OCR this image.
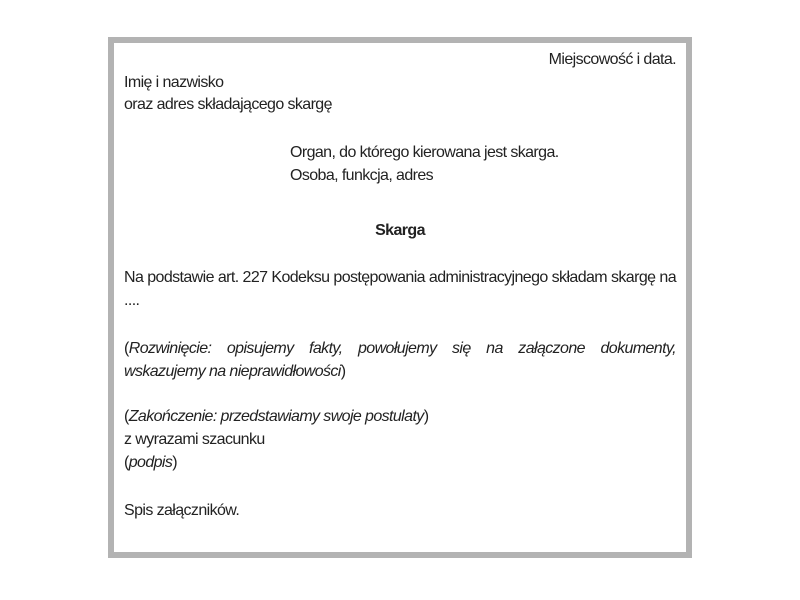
Miejscowość i data.
Imię i nazwisko
oraz adres składającego skargę
Organ, do którego kierowana jest skarga.
Osoba, funkcja, adres
Skarga
Na podstawie art. 227 Kodeksu postępowania administracyjnego składam skargę na ....
(Rozwinięcie: opisujemy fakty, powołujemy się na załączone dokumenty, wskazujemy na nieprawidłowości)
(Zakończenie: przedstawiamy swoje postulaty)
z wyrazami szacunku
(podpis)
Spis załączników.
